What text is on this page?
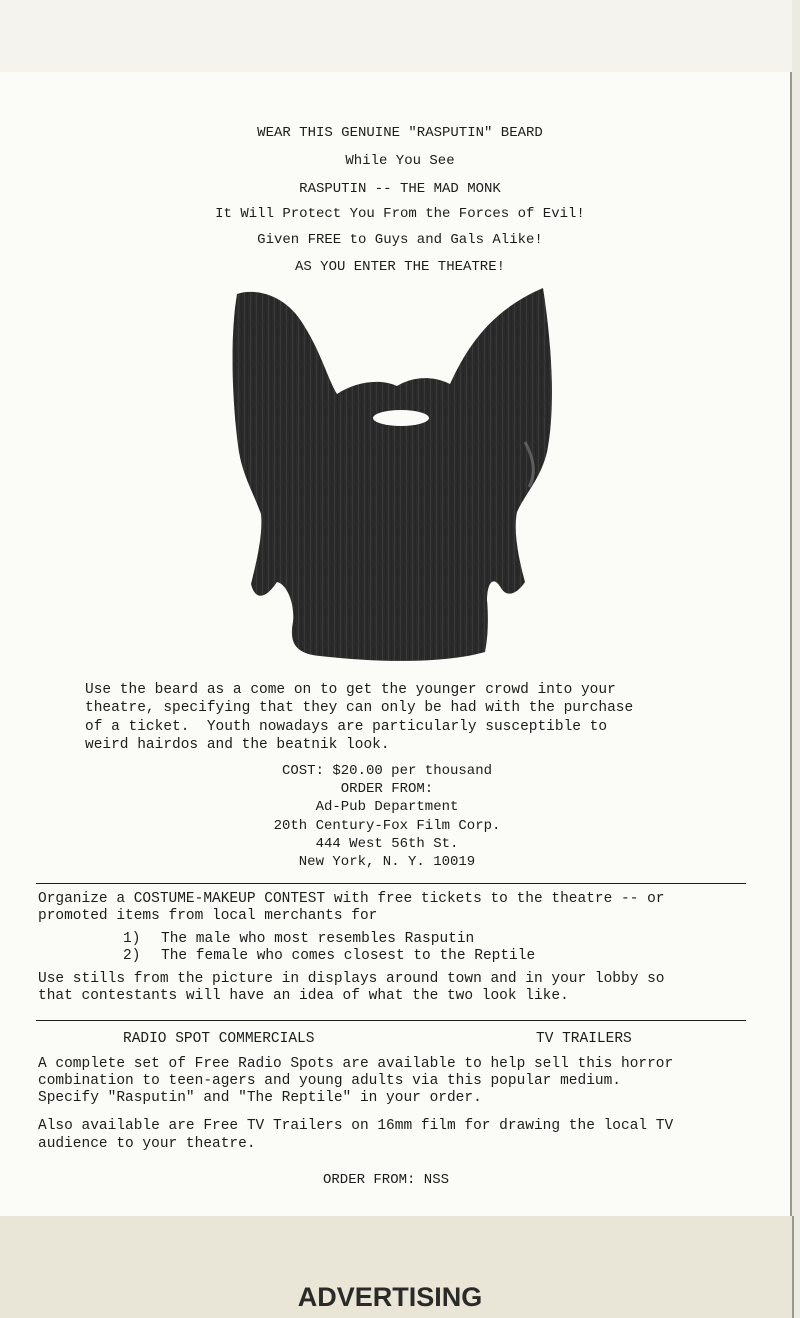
WEAR THIS GENUINE "RASPUTIN" BEARD
While You See
RASPUTIN -- THE MAD MONK
It Will Protect You From the Forces of Evil!
Given FREE to Guys and Gals Alike!
AS YOU ENTER THE THEATRE!
Use the beard as a come on to get the younger crowd into your
theatre, specifying that they can only be had with the purchase
of a ticket.  Youth nowadays are particularly susceptible to
weird hairdos and the beatnik look.
COST: $20.00 per thousand
ORDER FROM:
Ad-Pub Department
20th Century-Fox Film Corp.
444 West 56th St.
New York, N. Y. 10019
Organize a COSTUME-MAKEUP CONTEST with free tickets to the theatre -- or
promoted items from local merchants for
1) The male who most resembles Rasputin
2) The female who comes closest to the Reptile
Use stills from the picture in displays around town and in your lobby so
that contestants will have an idea of what the two look like.
RADIO SPOT COMMERCIALS	TV TRAILERS
A complete set of Free Radio Spots are available to help sell this horror
combination to teen-agers and young adults via this popular medium.
Specify "Rasputin" and "The Reptile" in your order.
Also available are Free TV Trailers on 16mm film for drawing the local TV
audience to your theatre.
ORDER FROM: NSS
ADVERTISING
